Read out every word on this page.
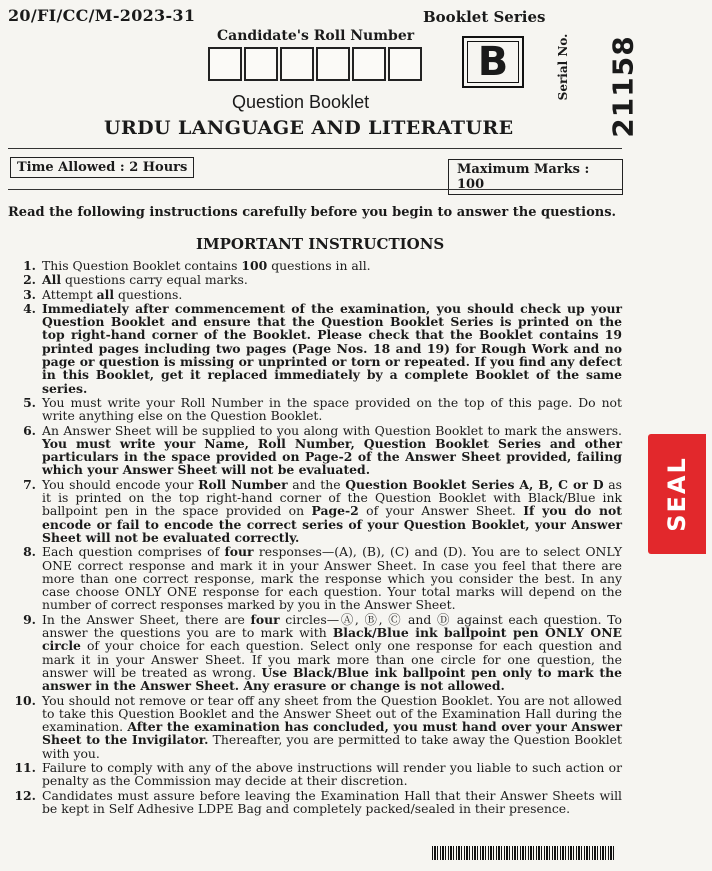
20/FI/CC/M-2023-31	Booklet Series
Candidate's Roll Number
B	Serial No. 21158
Question Booklet
URDU LANGUAGE AND LITERATURE
Time Allowed : 2 Hours	Maximum Marks : 100
Read the following instructions carefully before you begin to answer the questions.
IMPORTANT INSTRUCTIONS
1. This Question Booklet contains 100 questions in all.
2. All questions carry equal marks.
3. Attempt all questions.
4. Immediately after commencement of the examination, you should check up your Question Booklet and ensure that the Question Booklet Series is printed on the top right-hand corner of the Booklet. Please check that the Booklet contains 19 printed pages including two pages (Page Nos. 18 and 19) for Rough Work and no page or question is missing or unprinted or torn or repeated. If you find any defect in this Booklet, get it replaced immediately by a complete Booklet of the same series.
5. You must write your Roll Number in the space provided on the top of this page. Do not write anything else on the Question Booklet.
6. An Answer Sheet will be supplied to you along with Question Booklet to mark the answers. You must write your Name, Roll Number, Question Booklet Series and other particulars in the space provided on Page-2 of the Answer Sheet provided, failing which your Answer Sheet will not be evaluated.
7. You should encode your Roll Number and the Question Booklet Series A, B, C or D as it is printed on the top right-hand corner of the Question Booklet with Black/Blue ink ballpoint pen in the space provided on Page-2 of your Answer Sheet. If you do not encode or fail to encode the correct series of your Question Booklet, your Answer Sheet will not be evaluated correctly.
8. Each question comprises of four responses—(A), (B), (C) and (D). You are to select ONLY ONE correct response and mark it in your Answer Sheet. In case you feel that there are more than one correct response, mark the response which you consider the best. In any case choose ONLY ONE response for each question. Your total marks will depend on the number of correct responses marked by you in the Answer Sheet.
9. In the Answer Sheet, there are four circles—Ⓐ, Ⓑ, Ⓒ and Ⓓ against each question. To answer the questions you are to mark with Black/Blue ink ballpoint pen ONLY ONE circle of your choice for each question. Select only one response for each question and mark it in your Answer Sheet. If you mark more than one circle for one question, the answer will be treated as wrong. Use Black/Blue ink ballpoint pen only to mark the answer in the Answer Sheet. Any erasure or change is not allowed.
10. You should not remove or tear off any sheet from the Question Booklet. You are not allowed to take this Question Booklet and the Answer Sheet out of the Examination Hall during the examination. After the examination has concluded, you must hand over your Answer Sheet to the Invigilator. Thereafter, you are permitted to take away the Question Booklet with you.
11. Failure to comply with any of the above instructions will render you liable to such action or penalty as the Commission may decide at their discretion.
12. Candidates must assure before leaving the Examination Hall that their Answer Sheets will be kept in Self Adhesive LDPE Bag and completely packed/sealed in their presence.
SEAL
